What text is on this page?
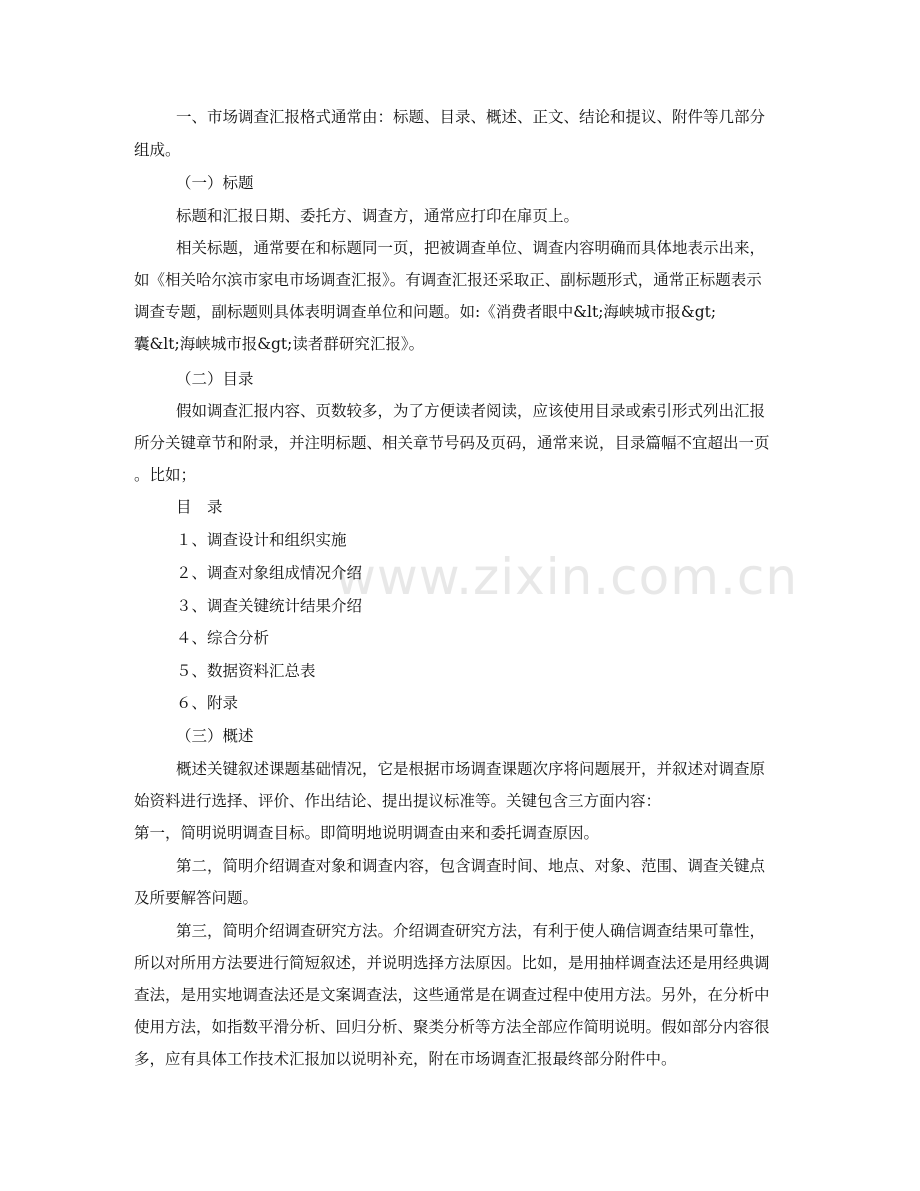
www.zixin.com.cn
一、市场调查汇报格式通常由：标题、目录、概述、正文、结论和提议、附件等几部分
组成。
（一）标题
标题和汇报日期、委托方、调查方，通常应打印在扉页上。
相关标题，通常要在和标题同一页，把被调查单位、调查内容明确而具体地表示出来，
如《相关哈尔滨市家电市场调查汇报》。有调查汇报还采取正、副标题形式，通常正标题表示
调查专题，副标题则具体表明调查单位和问题。如:《消费者眼中&lt;海峡城市报&gt;
囊&lt;海峡城市报&gt;读者群研究汇报》。
（二）目录
假如调查汇报内容、页数较多，为了方便读者阅读，应该使用目录或索引形式列出汇报
所分关键章节和附录，并注明标题、相关章节号码及页码，通常来说，目录篇幅不宜超出一页
。比如；
目　录
１、调查设计和组织实施
２、调查对象组成情况介绍
３、调查关键统计结果介绍
４、综合分析
５、数据资料汇总表
６、附录
（三）概述
概述关键叙述课题基础情况，它是根据市场调查课题次序将问题展开，并叙述对调查原
始资料进行选择、评价、作出结论、提出提议标准等。关键包含三方面内容：
第一，简明说明调查目标。即简明地说明调查由来和委托调查原因。
第二，简明介绍调查对象和调查内容，包含调查时间、地点、对象、范围、调查关键点
及所要解答问题。
第三，简明介绍调查研究方法。介绍调查研究方法，有利于使人确信调查结果可靠性，
所以对所用方法要进行简短叙述，并说明选择方法原因。比如，是用抽样调查法还是用经典调
查法，是用实地调查法还是文案调查法，这些通常是在调查过程中使用方法。另外，在分析中
使用方法，如指数平滑分析、回归分析、聚类分析等方法全部应作简明说明。假如部分内容很
多，应有具体工作技术汇报加以说明补充，附在市场调查汇报最终部分附件中。
